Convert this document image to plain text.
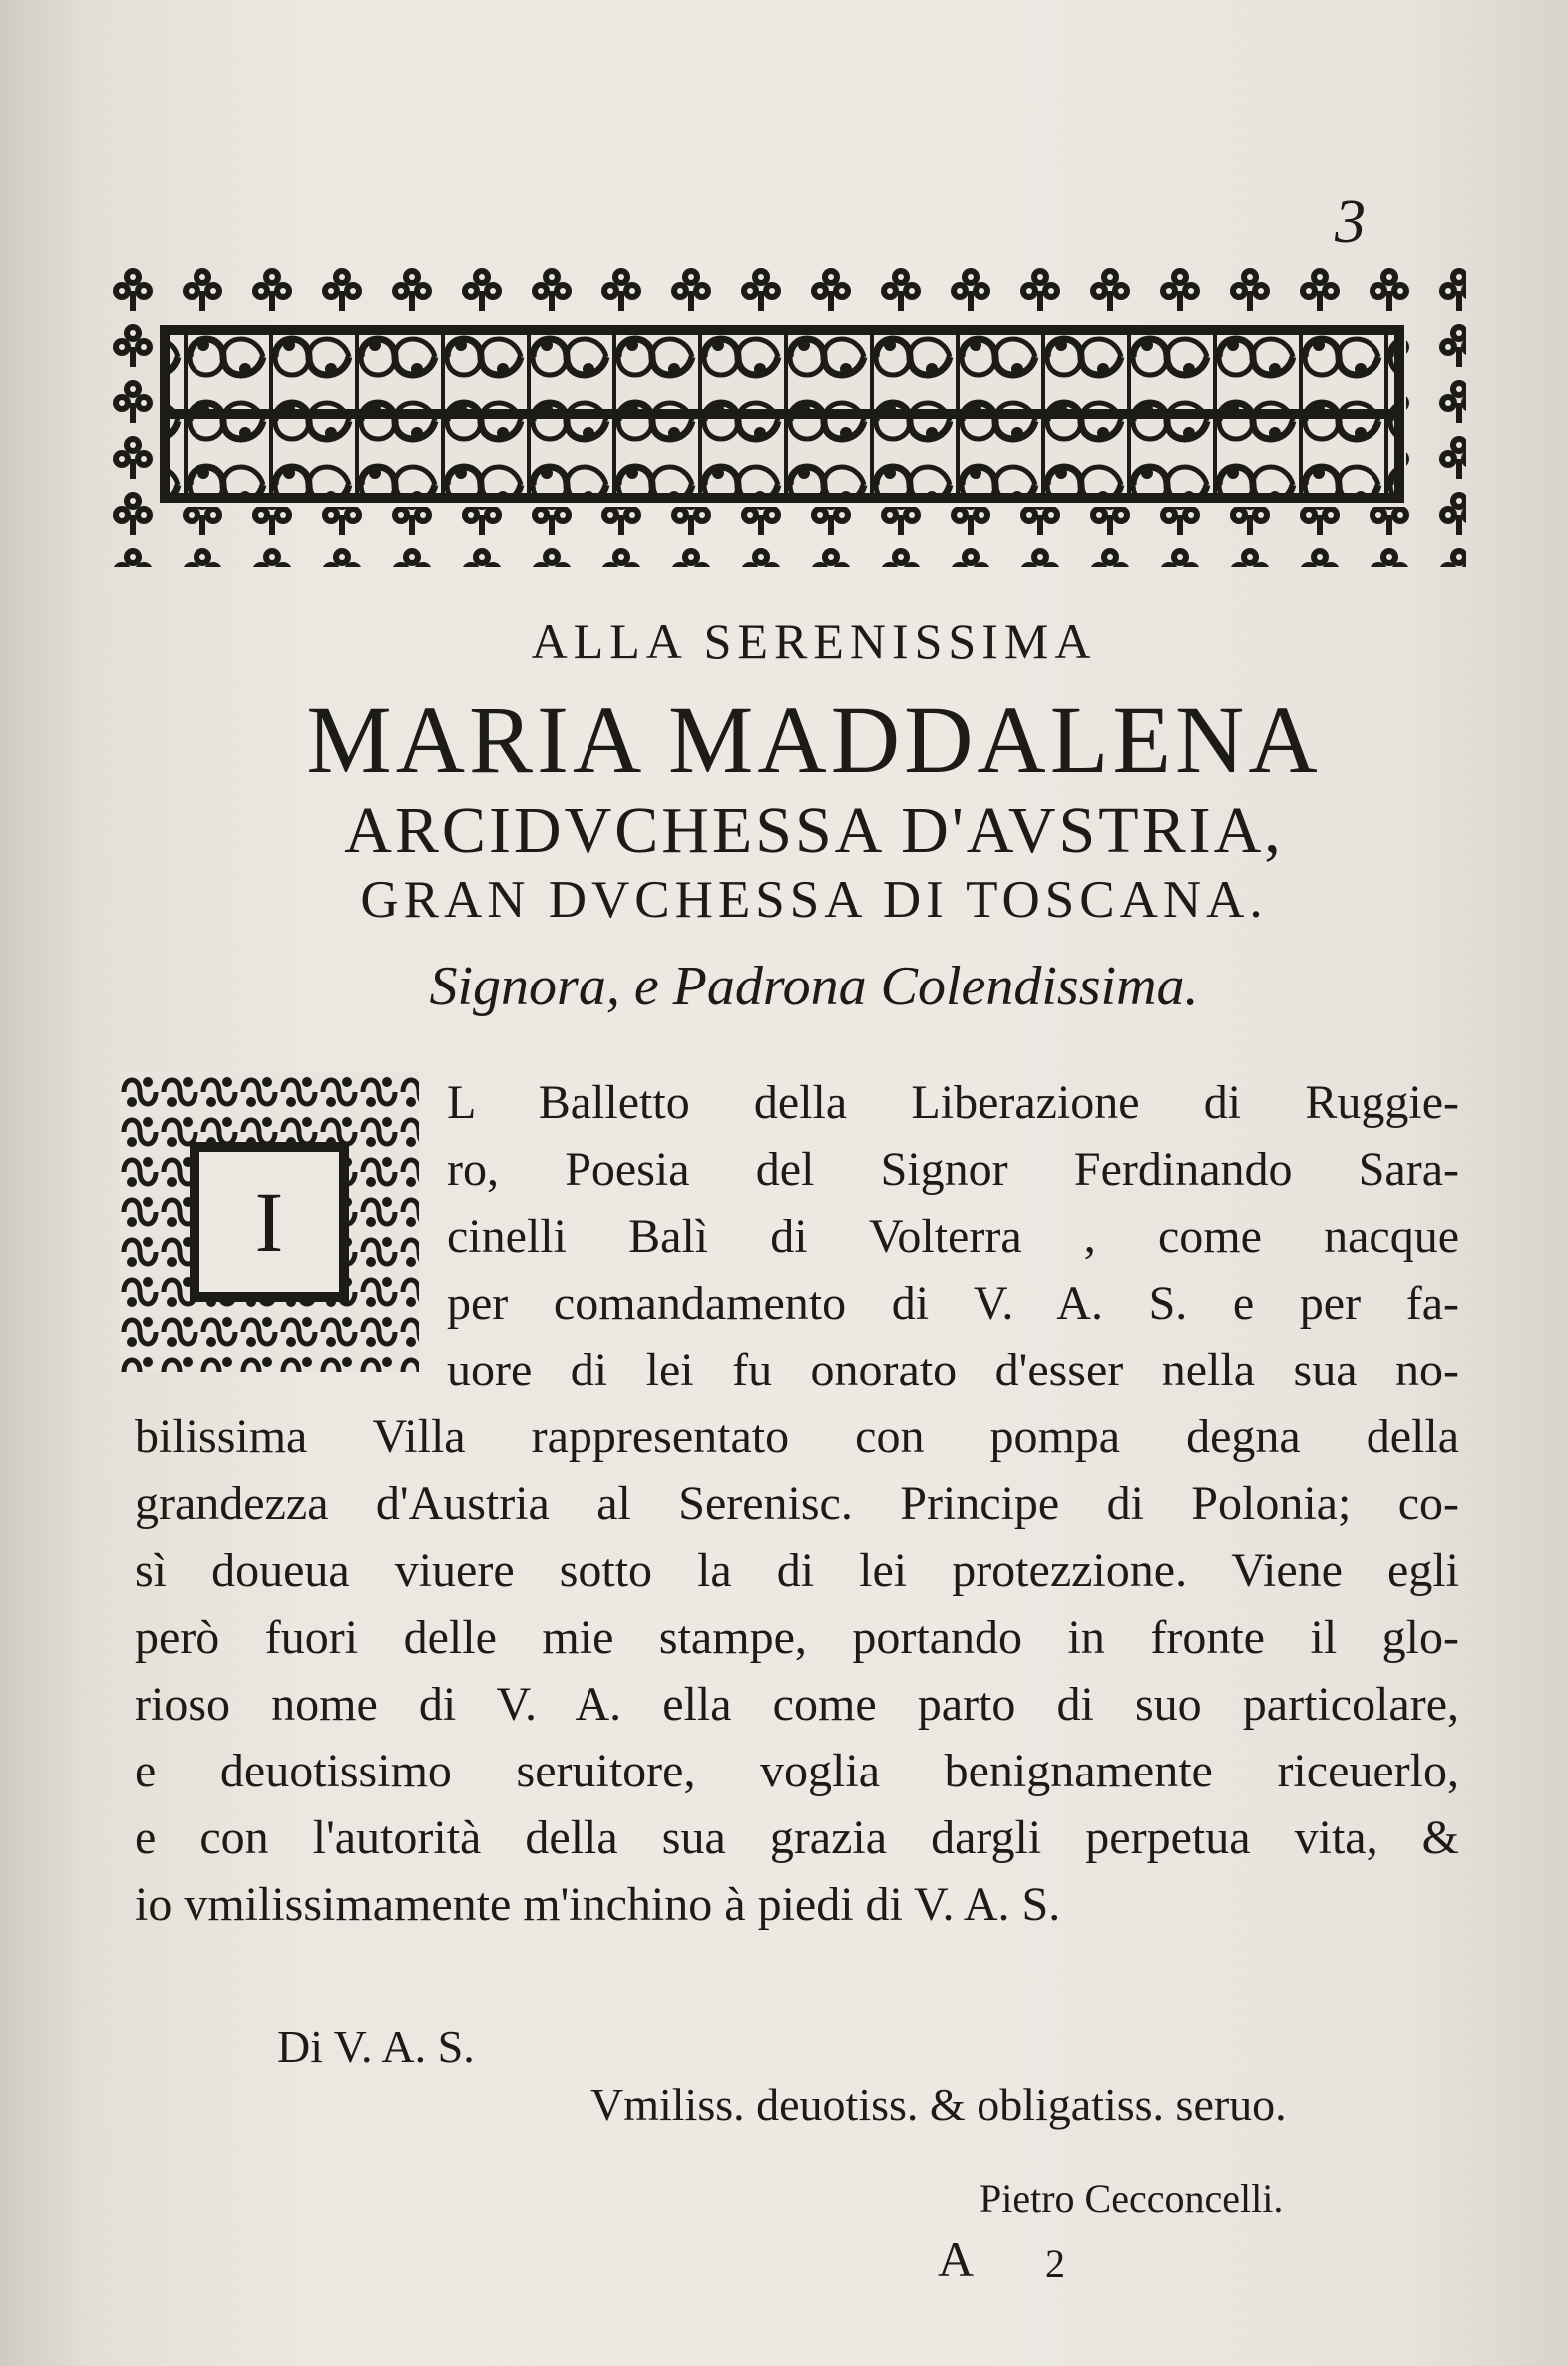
3
ALLA SERENISSIMA
MARIA MADDALENA
ARCIDVCHESSA D'AVSTRIA,
GRAN DVCHESSA DI TOSCANA.
Signora, e Padrona Colendissima.
I
L Balletto della Liberazione di Ruggie-
ro, Poesia del Signor Ferdinando Sara-
cinelli Balì di Volterra , come nacque
per comandamento di V. A. S. e per fa-
uore di lei fu onorato d'esser nella sua no-
bilissima Villa rappresentato con pompa degna della
grandezza d'Austria al Serenisс. Principe di Polonia; co-
sì doueua viuere sotto la di lei protezzione. Viene egli
però fuori delle mie stampe, portando in fronte il glo-
rioso nome di V. A. ella come parto di suo particolare,
e deuotissimo seruitore, voglia benignamente riceuerlo,
e con l'autorità della sua grazia dargli perpetua vita, &
io vmilissimamente m'inchino à piedi di V. A. S.
Di V. A. S.
Vmiliss. deuotiss. & obligatiss. seruo.
Pietro Cecconcelli.
A 2
